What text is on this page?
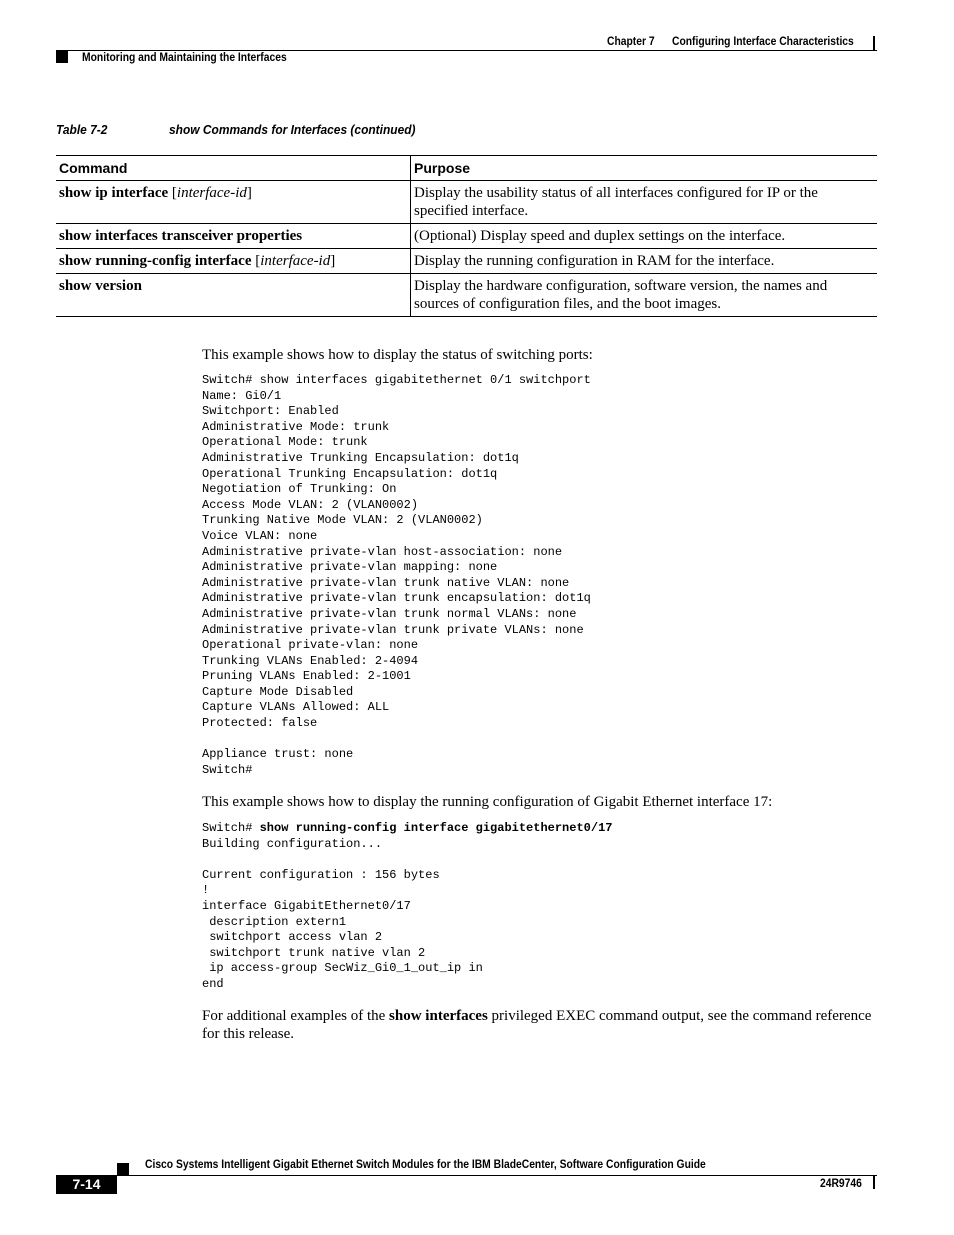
Chapter 7 Configuring Interface Characteristics
Monitoring and Maintaining the Interfaces
Table 7-2	show Commands for Interfaces (continued)
Command	Purpose
show ip interface [interface-id]	Display the usability status of all interfaces configured for IP or the specified interface.
show interfaces transceiver properties	(Optional) Display speed and duplex settings on the interface.
show running-config interface [interface-id]	Display the running configuration in RAM for the interface.
show version	Display the hardware configuration, software version, the names and sources of configuration files, and the boot images.

This example shows how to display the status of switching ports:

Switch# show interfaces gigabitethernet 0/1 switchport
Name: Gi0/1
Switchport: Enabled
Administrative Mode: trunk
Operational Mode: trunk
Administrative Trunking Encapsulation: dot1q
Operational Trunking Encapsulation: dot1q
Negotiation of Trunking: On
Access Mode VLAN: 2 (VLAN0002)
Trunking Native Mode VLAN: 2 (VLAN0002)
Voice VLAN: none
Administrative private-vlan host-association: none
Administrative private-vlan mapping: none
Administrative private-vlan trunk native VLAN: none
Administrative private-vlan trunk encapsulation: dot1q
Administrative private-vlan trunk normal VLANs: none
Administrative private-vlan trunk private VLANs: none
Operational private-vlan: none
Trunking VLANs Enabled: 2-4094
Pruning VLANs Enabled: 2-1001
Capture Mode Disabled
Capture VLANs Allowed: ALL
Protected: false

Appliance trust: none
Switch#

This example shows how to display the running configuration of Gigabit Ethernet interface 17:

Switch# show running-config interface gigabitethernet0/17
Building configuration...

Current configuration : 156 bytes
!
interface GigabitEthernet0/17
description extern1
switchport access vlan 2
switchport trunk native vlan 2
ip access-group SecWiz_Gi0_1_out_ip in
end

For additional examples of the show interfaces privileged EXEC command output, see the command reference for this release.

Cisco Systems Intelligent Gigabit Ethernet Switch Modules for the IBM BladeCenter, Software Configuration Guide
7-14	24R9746
